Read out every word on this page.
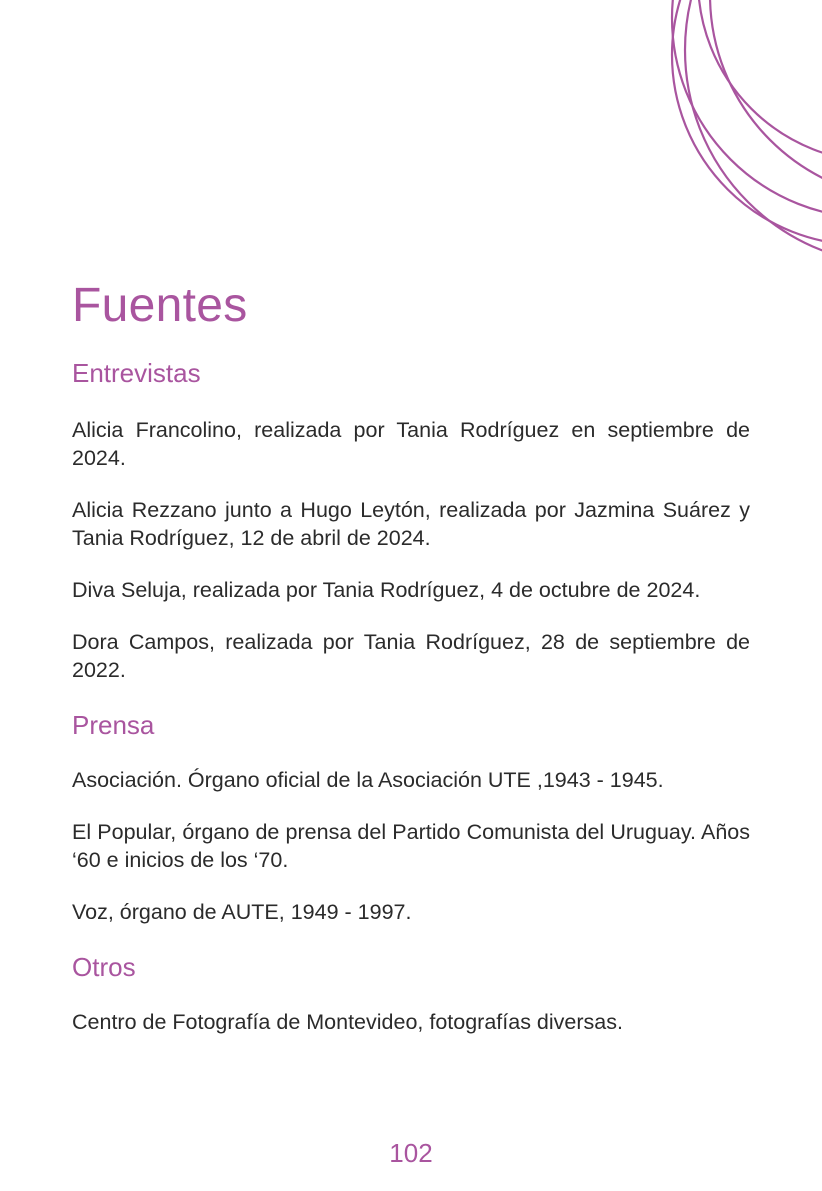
Fuentes
Entrevistas

Alicia Francolino, realizada por Tania Rodríguez en septiembre de 2024.

Alicia Rezzano junto a Hugo Leytón, realizada por Jazmina Suárez y Tania Rodríguez, 12 de abril de 2024.

Diva Seluja, realizada por Tania Rodríguez, 4 de octubre de 2024.

Dora Campos, realizada por Tania Rodríguez, 28 de septiembre de 2022.

Prensa

Asociación. Órgano oficial de la Asociación UTE ,1943 - 1945.

El Popular, órgano de prensa del Partido Comunista del Uruguay. Años ‘60 e inicios de los ‘70.

Voz, órgano de AUTE, 1949 - 1997.

Otros

Centro de Fotografía de Montevideo, fotografías diversas.

102
